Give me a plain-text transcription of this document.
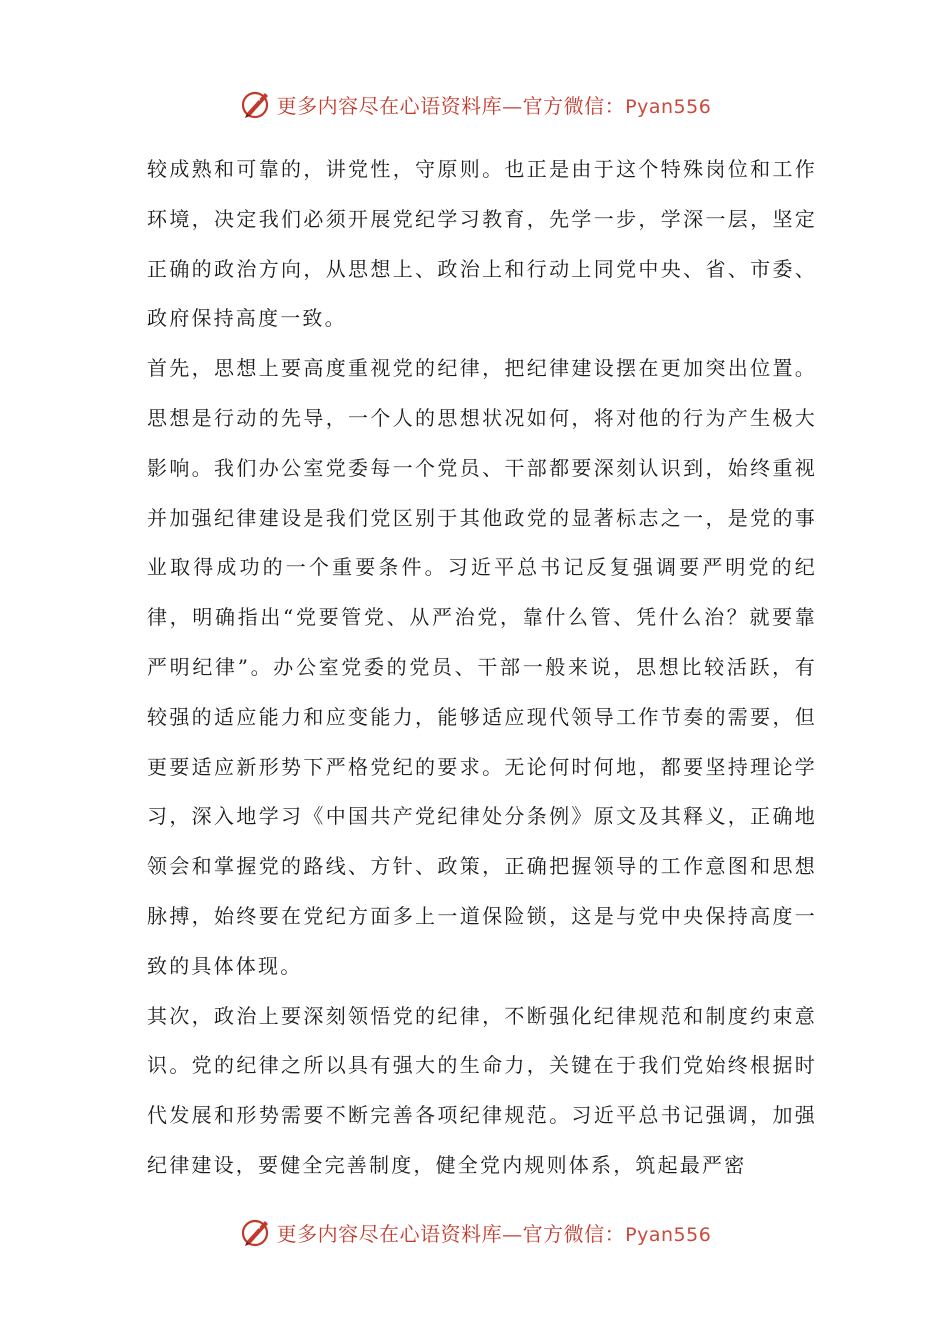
更多内容尽在心语资料库—官方微信：Pyan556

较成熟和可靠的，讲党性，守原则。也正是由于这个特殊岗位和工作环境，决定我们必须开展党纪学习教育，先学一步，学深一层，坚定正确的政治方向，从思想上、政治上和行动上同党中央、省、市委、政府保持高度一致。

首先，思想上要高度重视党的纪律，把纪律建设摆在更加突出位置。思想是行动的先导，一个人的思想状况如何，将对他的行为产生极大影响。我们办公室党委每一个党员、干部都要深刻认识到，始终重视并加强纪律建设是我们党区别于其他政党的显著标志之一，是党的事业取得成功的一个重要条件。习近平总书记反复强调要严明党的纪律，明确指出“党要管党、从严治党，靠什么管、凭什么治？就要靠严明纪律”。办公室党委的党员、干部一般来说，思想比较活跃，有较强的适应能力和应变能力，能够适应现代领导工作节奏的需要，但更要适应新形势下严格党纪的要求。无论何时何地，都要坚持理论学习，深入地学习《中国共产党纪律处分条例》原文及其释义，正确地领会和掌握党的路线、方针、政策，正确把握领导的工作意图和思想脉搏，始终要在党纪方面多上一道保险锁，这是与党中央保持高度一致的具体体现。

其次，政治上要深刻领悟党的纪律，不断强化纪律规范和制度约束意识。党的纪律之所以具有强大的生命力，关键在于我们党始终根据时代发展和形势需要不断完善各项纪律规范。习近平总书记强调，加强纪律建设，要健全完善制度，健全党内规则体系，筑起最严密

更多内容尽在心语资料库—官方微信：Pyan556
